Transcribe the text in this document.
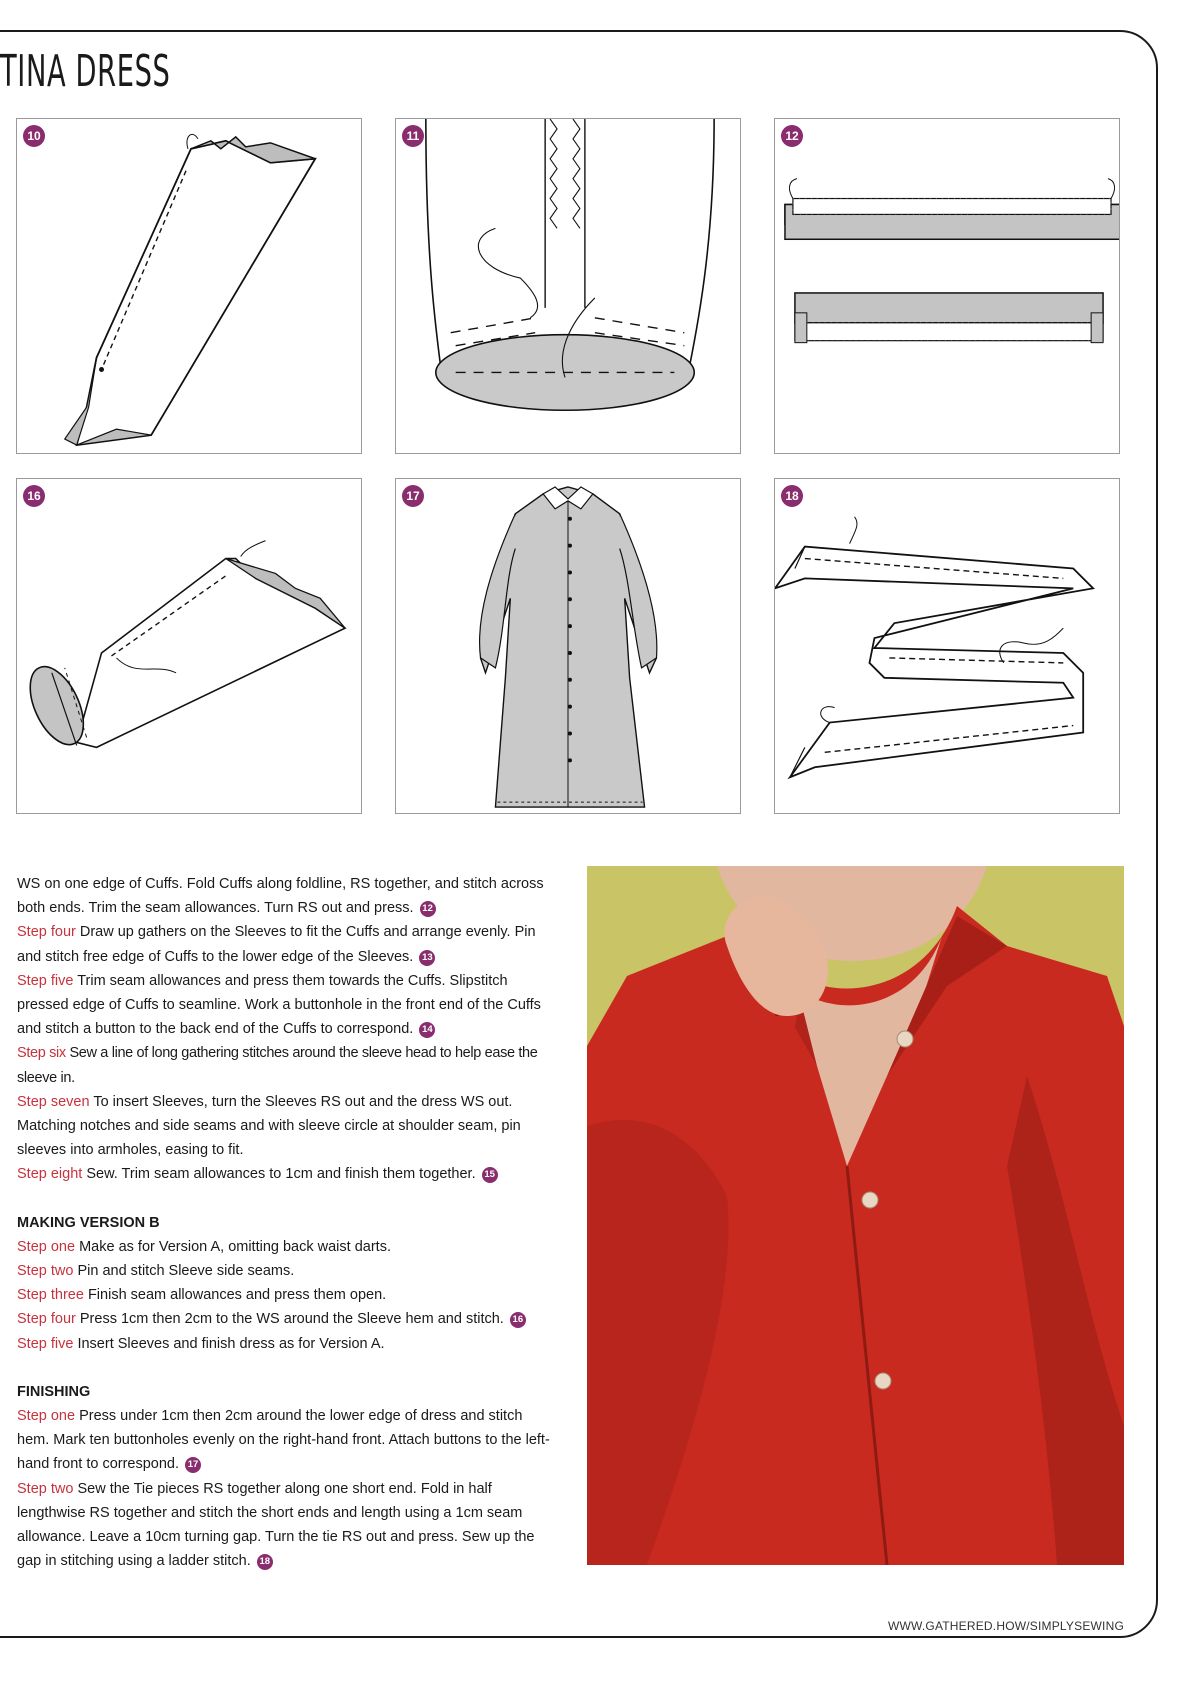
TINA DRESS
10	11	12
16	17	18

WS on one edge of Cuffs. Fold Cuffs along foldline, RS together, and stitch across both ends. Trim the seam allowances. Turn RS out and press. 12

Step four Draw up gathers on the Sleeves to fit the Cuffs and arrange evenly. Pin and stitch free edge of Cuffs to the lower edge of the Sleeves. 13

Step five Trim seam allowances and press them towards the Cuffs. Slipstitch pressed edge of Cuffs to seamline. Work a buttonhole in the front end of the Cuffs and stitch a button to the back end of the Cuffs to correspond. 14

Step six Sew a line of long gathering stitches around the sleeve head to help ease the sleeve in.

Step seven To insert Sleeves, turn the Sleeves RS out and the dress WS out. Matching notches and side seams and with sleeve circle at shoulder seam, pin sleeves into armholes, easing to fit.

Step eight Sew. Trim seam allowances to 1cm and finish them together. 15

MAKING VERSION B

Step one Make as for Version A, omitting back waist darts.

Step two Pin and stitch Sleeve side seams.

Step three Finish seam allowances and press them open.

Step four Press 1cm then 2cm to the WS around the Sleeve hem and stitch. 16

Step five Insert Sleeves and finish dress as for Version A.

FINISHING

Step one Press under 1cm then 2cm around the lower edge of dress and stitch hem. Mark ten buttonholes evenly on the right-hand front. Attach buttons to the left-hand front to correspond. 17

Step two Sew the Tie pieces RS together along one short end. Fold in half lengthwise RS together and stitch the short ends and length using a 1cm seam allowance. Leave a 10cm turning gap. Turn the tie RS out and press. Sew up the gap in stitching using a ladder stitch. 18

WWW.GATHERED.HOW/SIMPLYSEWING
